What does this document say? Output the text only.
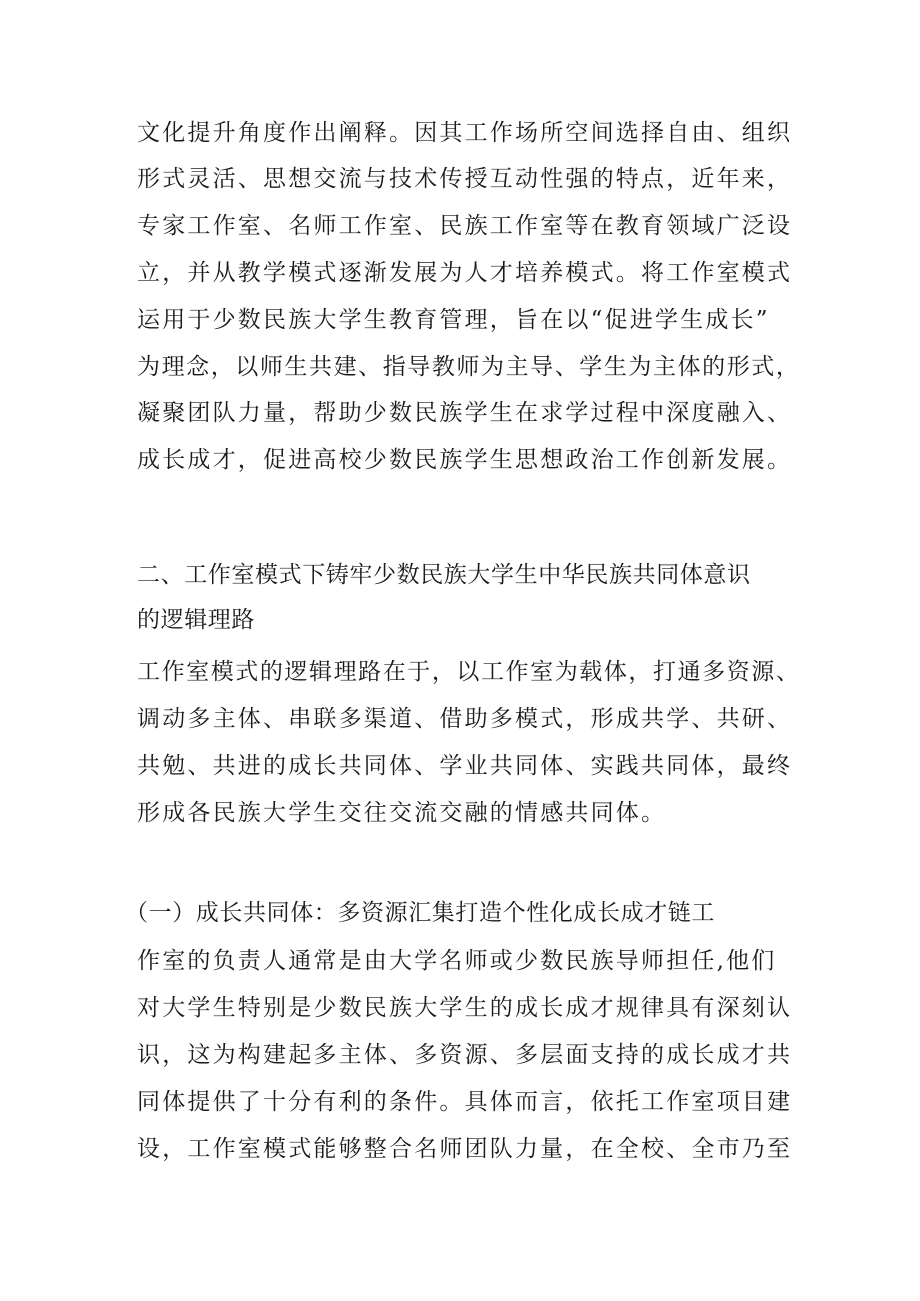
文化提升角度作出阐释。因其工作场所空间选择自由、组织
形式灵活、思想交流与技术传授互动性强的特点，近年来，
专家工作室、名师工作室、民族工作室等在教育领域广泛设
立，并从教学模式逐渐发展为人才培养模式。将工作室模式
运用于少数民族大学生教育管理，旨在以“促进学生成长”
为理念，以师生共建、指导教师为主导、学生为主体的形式，
凝聚团队力量，帮助少数民族学生在求学过程中深度融入、
成长成才，促进高校少数民族学生思想政治工作创新发展。
二、工作室模式下铸牢少数民族大学生中华民族共同体意识
的逻辑理路
工作室模式的逻辑理路在于，以工作室为载体，打通多资源、
调动多主体、串联多渠道、借助多模式，形成共学、共研、
共勉、共进的成长共同体、学业共同体、实践共同体，最终
形成各民族大学生交往交流交融的情感共同体。
（一）成长共同体：多资源汇集打造个性化成长成才链工
作室的负责人通常是由大学名师或少数民族导师担任,他们
对大学生特别是少数民族大学生的成长成才规律具有深刻认
识，这为构建起多主体、多资源、多层面支持的成长成才共
同体提供了十分有利的条件。具体而言，依托工作室项目建
设，工作室模式能够整合名师团队力量，在全校、全市乃至
